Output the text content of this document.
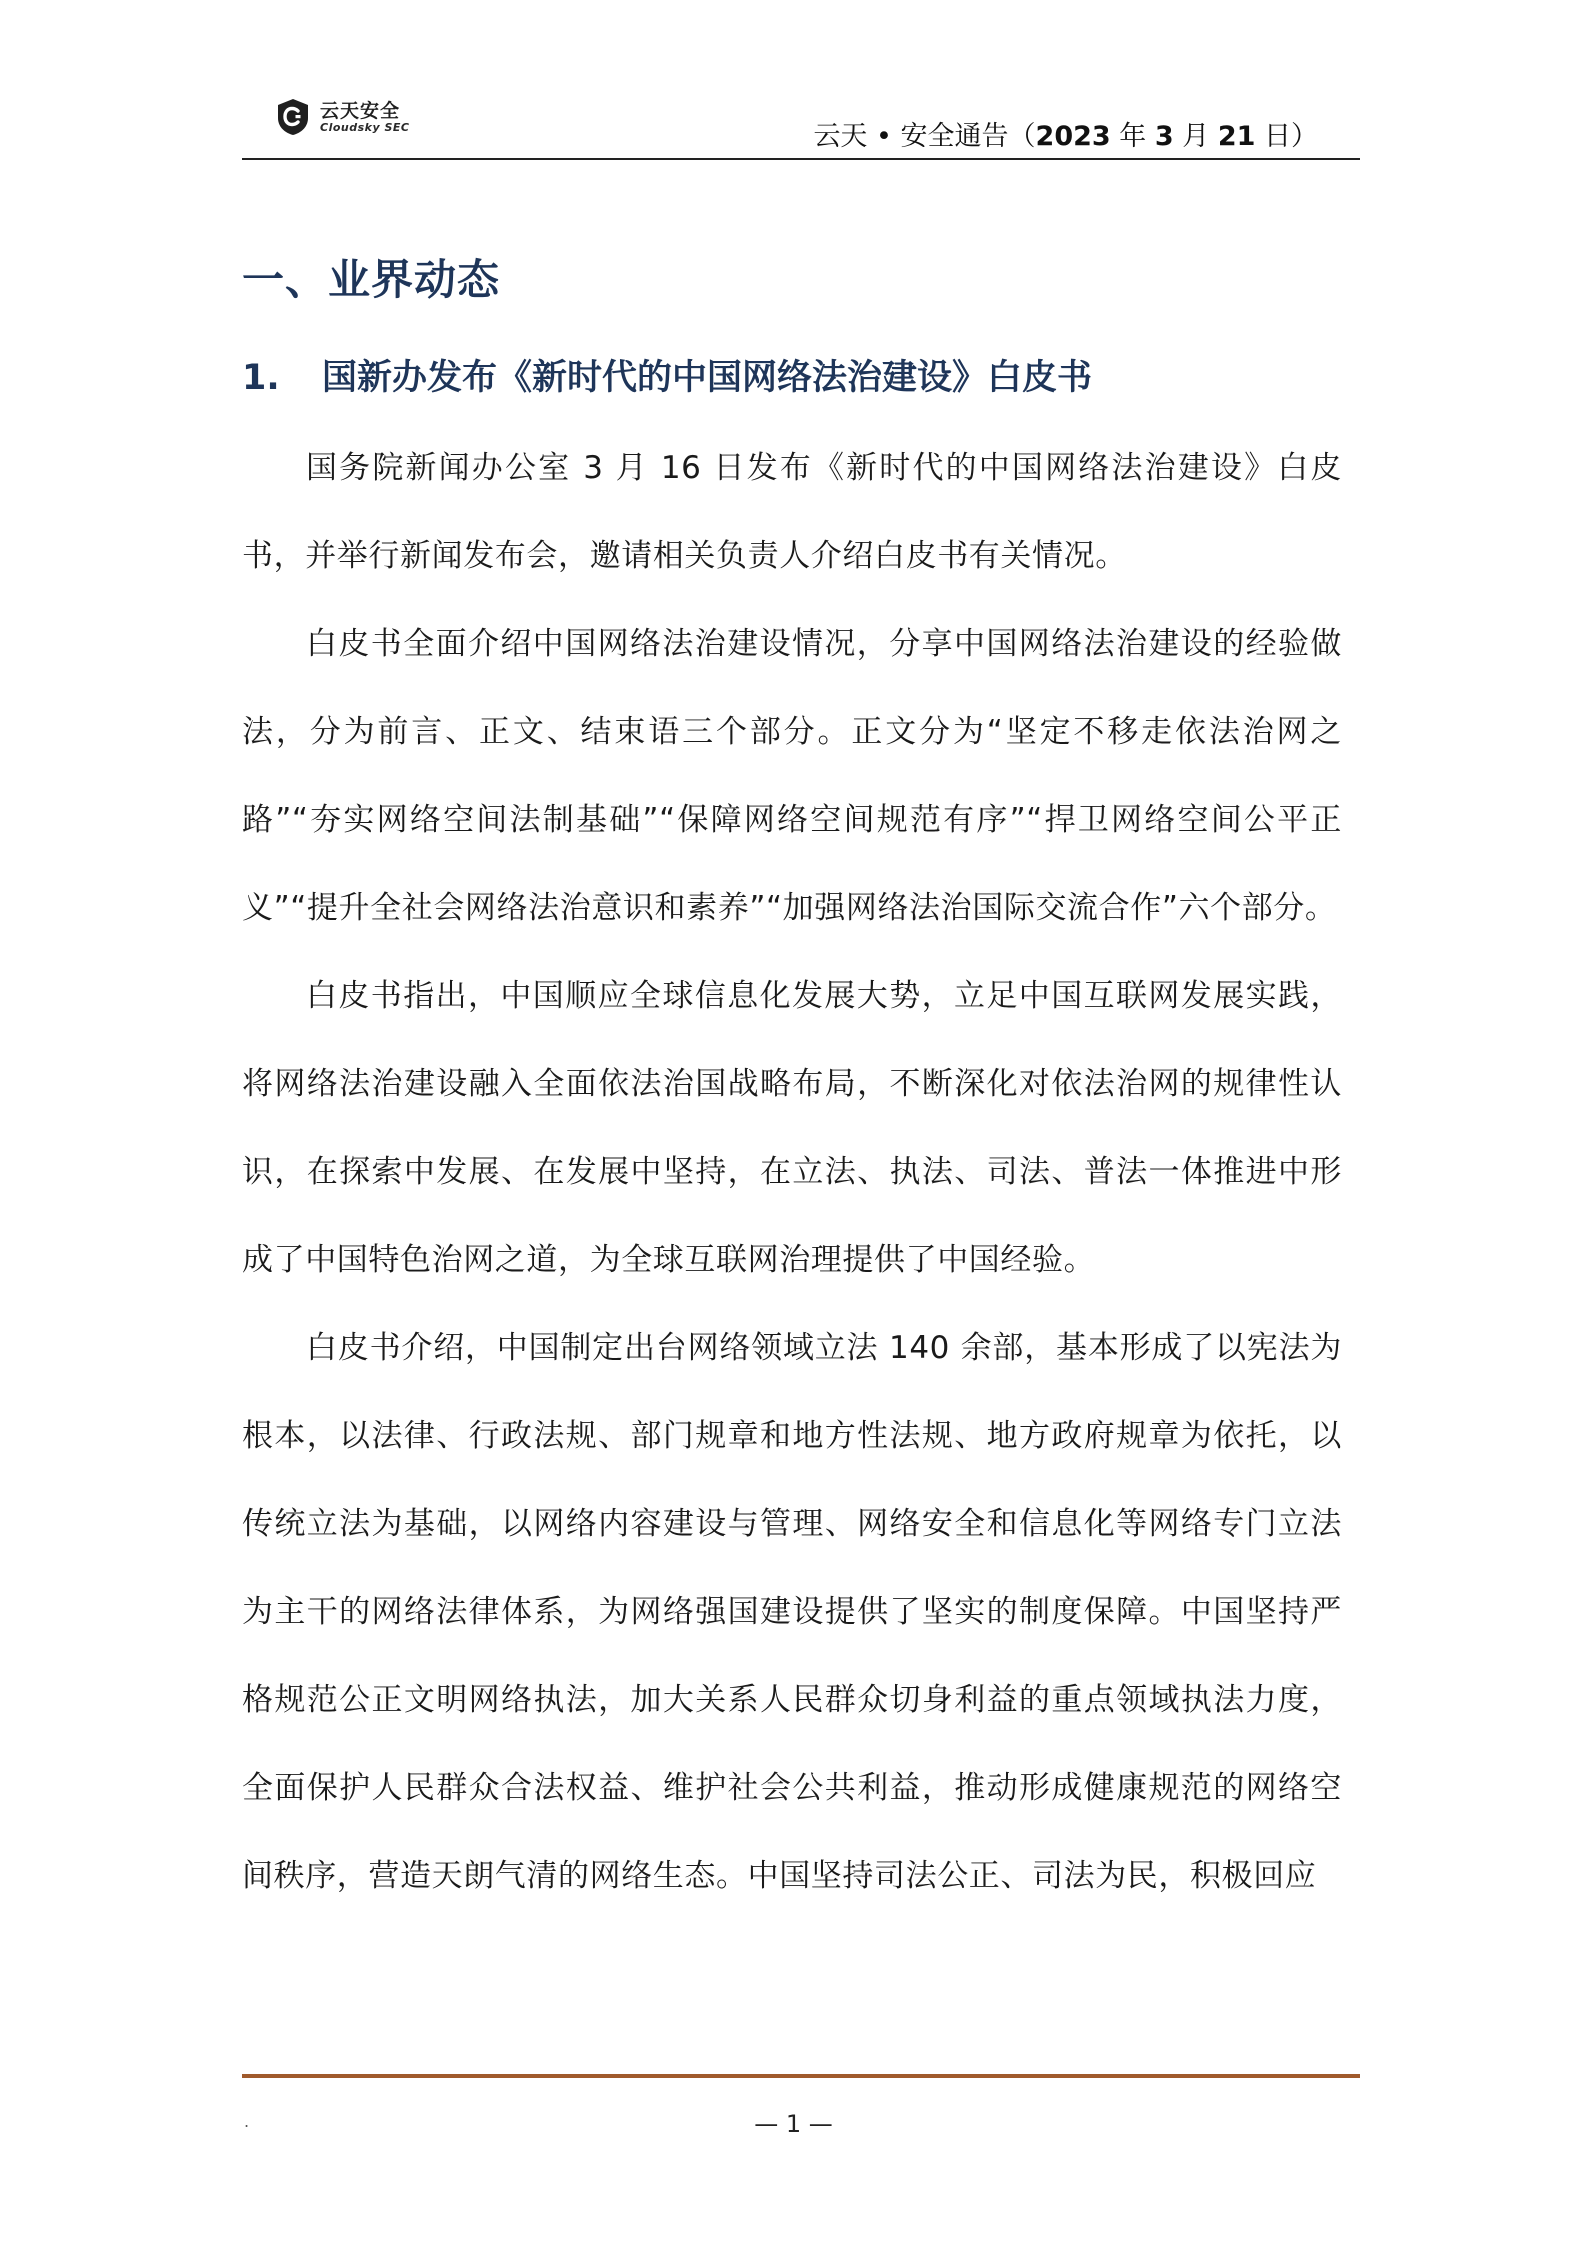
云天安全
Cloudsky SEC	云天 • 安全通告（2023 年 3 月 21 日）
一、业界动态
1. 国新办发布《新时代的中国网络法治建设》白皮书

国务院新闻办公室 3 月 16 日发布《新时代的中国网络法治建设》白皮书，并举行新闻发布会，邀请相关负责人介绍白皮书有关情况。

白皮书全面介绍中国网络法治建设情况，分享中国网络法治建设的经验做法，分为前言、正文、结束语三个部分。正文分为“坚定不移走依法治网之路”“夯实网络空间法制基础”“保障网络空间规范有序”“捍卫网络空间公平正义”“提升全社会网络法治意识和素养”“加强网络法治国际交流合作”六个部分。

白皮书指出，中国顺应全球信息化发展大势，立足中国互联网发展实践，将网络法治建设融入全面依法治国战略布局，不断深化对依法治网的规律性认识，在探索中发展、在发展中坚持，在立法、执法、司法、普法一体推进中形成了中国特色治网之道，为全球互联网治理提供了中国经验。

白皮书介绍，中国制定出台网络领域立法 140 余部，基本形成了以宪法为根本，以法律、行政法规、部门规章和地方性法规、地方政府规章为依托，以传统立法为基础，以网络内容建设与管理、网络安全和信息化等网络专门立法为主干的网络法律体系，为网络强国建设提供了坚实的制度保障。中国坚持严格规范公正文明网络执法，加大关系人民群众切身利益的重点领域执法力度，全面保护人民群众合法权益、维护社会公共利益，推动形成健康规范的网络空间秩序，营造天朗气清的网络生态。中国坚持司法公正、司法为民，积极回应

.	— 1 —
